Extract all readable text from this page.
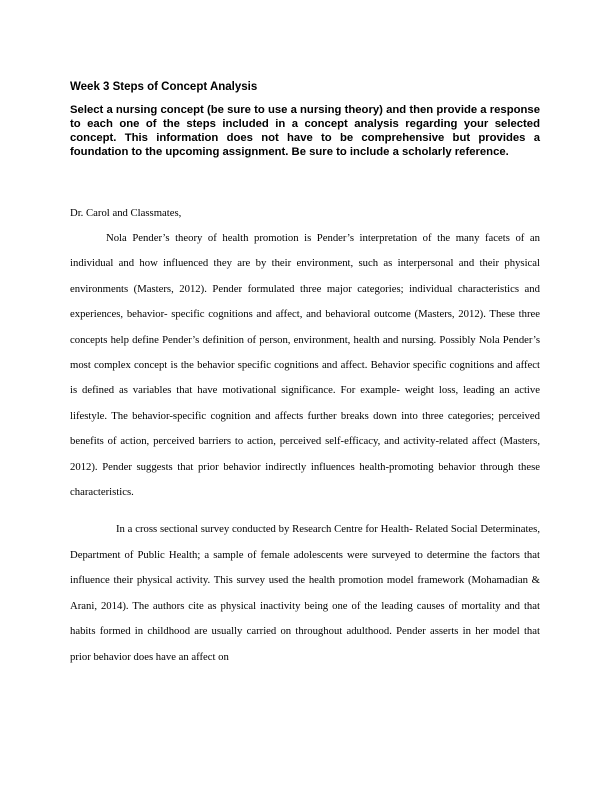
Week 3 Steps of Concept Analysis

Select a nursing concept (be sure to use a nursing theory) and then provide a response to each one of the steps included in a concept analysis regarding your selected concept. This information does not have to be comprehensive but provides a foundation to the upcoming assignment. Be sure to include a scholarly reference.

Dr. Carol and Classmates,

Nola Pender’s theory of health promotion is Pender’s interpretation of the many facets of an individual and how influenced they are by their environment, such as interpersonal and their physical environments (Masters, 2012). Pender formulated three major categories; individual characteristics and experiences, behavior- specific cognitions and affect, and behavioral outcome (Masters, 2012). These three concepts help define Pender’s definition of person, environment, health and nursing. Possibly Nola Pender’s most complex concept is the behavior specific cognitions and affect. Behavior specific cognitions and affect is defined as variables that have motivational significance. For example- weight loss, leading an active lifestyle. The behavior-specific cognition and affects further breaks down into three categories; perceived benefits of action, perceived barriers to action, perceived self-efficacy, and activity-related affect (Masters, 2012). Pender suggests that prior behavior indirectly influences health-promoting behavior through these characteristics.

In a cross sectional survey conducted by Research Centre for Health- Related Social Determinates, Department of Public Health; a sample of female adolescents were surveyed to determine the factors that influence their physical activity. This survey used the health promotion model framework (Mohamadian & Arani, 2014). The authors cite as physical inactivity being one of the leading causes of mortality and that habits formed in childhood are usually carried on throughout adulthood. Pender asserts in her model that prior behavior does have an affect on
